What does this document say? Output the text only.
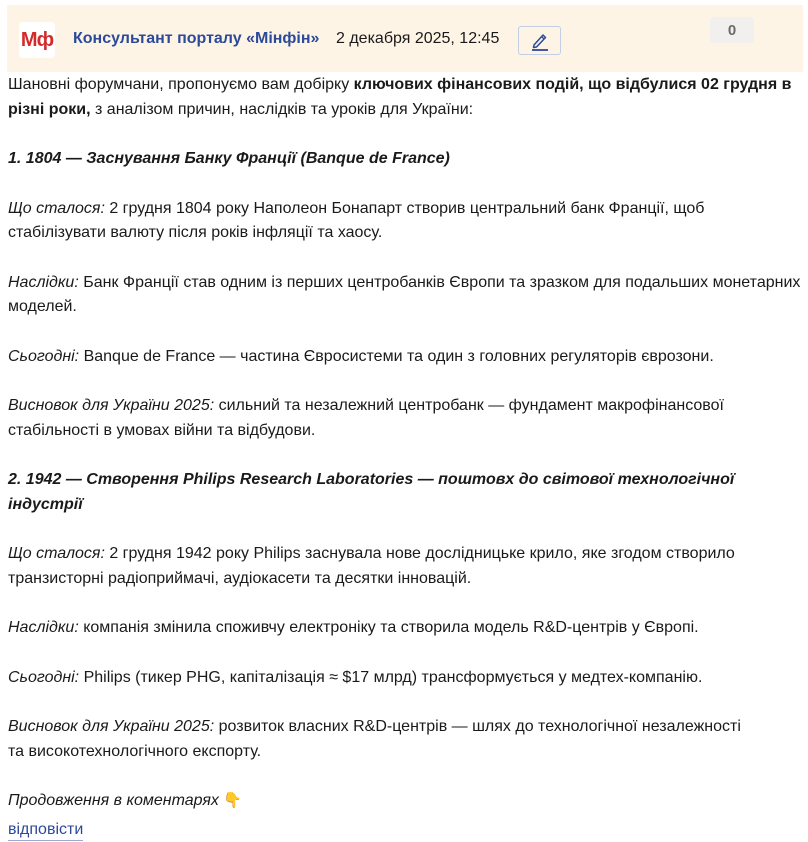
Мф Консультант порталу «Мінфін» 2 декабря 2025, 12:45	0

Шановні форумчани, пропонуємо вам добірку ключових фінансових подій, що відбулися 02 грудня в різні роки, з аналізом причин, наслідків та уроків для України:

1. 1804 — Заснування Банку Франції (Banque de France)

Що сталося: 2 грудня 1804 року Наполеон Бонапарт створив центральний банк Франції, щоб стабілізувати валюту після років інфляції та хаосу.

Наслідки: Банк Франції став одним із перших центробанків Європи та зразком для подальших монетарних моделей.

Сьогодні: Banque de France — частина Євросистеми та один з головних регуляторів єврозони.

Висновок для України 2025: сильний та незалежний центробанк — фундамент макрофінансової стабільності в умовах війни та відбудови.

2. 1942 — Створення Philips Research Laboratories — поштовх до світової технологічної індустрії

Що сталося: 2 грудня 1942 року Philips заснувала нове дослідницьке крило, яке згодом створило транзисторні радіоприймачі, аудіокасети та десятки інновацій.

Наслідки: компанія змінила споживчу електроніку та створила модель R&D-центрів у Європі.

Сьогодні: Philips (тикер PHG, капіталізація ≈ $17 млрд) трансформується у медтех-компанію.

Висновок для України 2025: розвиток власних R&D-центрів — шлях до технологічної незалежності
та високотехнологічного експорту.

Продовження в коментарях 👇

відповісти
